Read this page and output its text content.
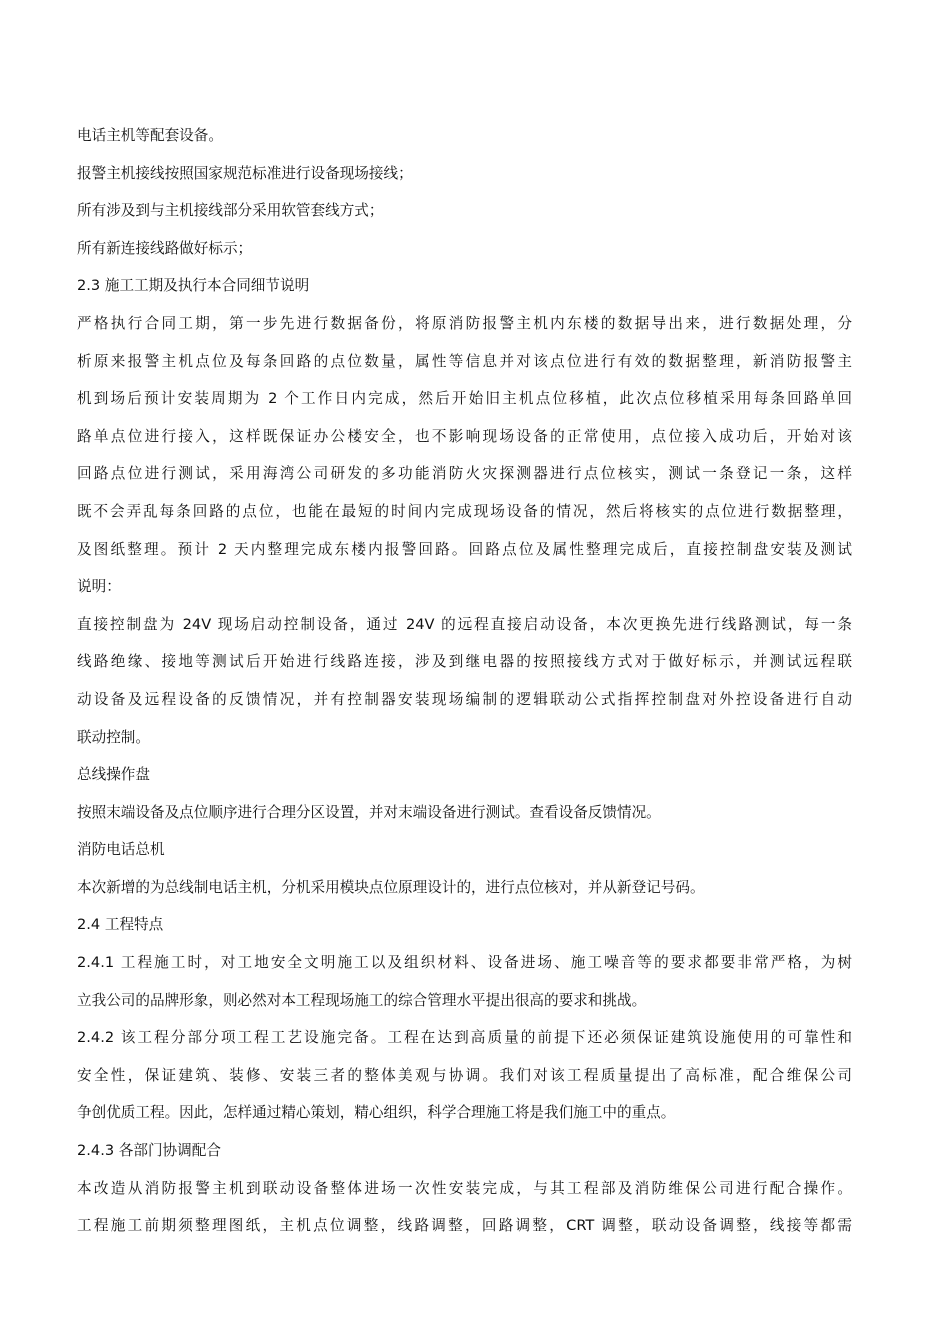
电话主机等配套设备。
报警主机接线按照国家规范标准进行设备现场接线；
所有涉及到与主机接线部分采用软管套线方式；
所有新连接线路做好标示；
2.3 施工工期及执行本合同细节说明
严格执行合同工期，第一步先进行数据备份，将原消防报警主机内东楼的数据导出来，进行数据处理，分
析原来报警主机点位及每条回路的点位数量，属性等信息并对该点位进行有效的数据整理，新消防报警主
机到场后预计安装周期为 2 个工作日内完成，然后开始旧主机点位移植，此次点位移植采用每条回路单回
路单点位进行接入，这样既保证办公楼安全，也不影响现场设备的正常使用，点位接入成功后，开始对该
回路点位进行测试，采用海湾公司研发的多功能消防火灾探测器进行点位核实，测试一条登记一条，这样
既不会弄乱每条回路的点位，也能在最短的时间内完成现场设备的情况，然后将核实的点位进行数据整理，
及图纸整理。预计 2 天内整理完成东楼内报警回路。回路点位及属性整理完成后，直接控制盘安装及测试
说明：
直接控制盘为 24V 现场启动控制设备，通过 24V 的远程直接启动设备，本次更换先进行线路测试，每一条
线路绝缘、接地等测试后开始进行线路连接，涉及到继电器的按照接线方式对于做好标示，并测试远程联
动设备及远程设备的反馈情况，并有控制器安装现场编制的逻辑联动公式指挥控制盘对外控设备进行自动
联动控制。
总线操作盘
按照末端设备及点位顺序进行合理分区设置，并对末端设备进行测试。查看设备反馈情况。
消防电话总机
本次新增的为总线制电话主机，分机采用模块点位原理设计的，进行点位核对，并从新登记号码。
2.4 工程特点
2.4.1 工程施工时，对工地安全文明施工以及组织材料、设备进场、施工噪音等的要求都要非常严格，为树
立我公司的品牌形象，则必然对本工程现场施工的综合管理水平提出很高的要求和挑战。
2.4.2 该工程分部分项工程工艺设施完备。工程在达到高质量的前提下还必须保证建筑设施使用的可靠性和
安全性，保证建筑、装修、安装三者的整体美观与协调。我们对该工程质量提出了高标准，配合维保公司
争创优质工程。因此，怎样通过精心策划，精心组织，科学合理施工将是我们施工中的重点。
2.4.3 各部门协调配合
本改造从消防报警主机到联动设备整体进场一次性安装完成，与其工程部及消防维保公司进行配合操作。
工程施工前期须整理图纸，主机点位调整，线路调整，回路调整，CRT 调整，联动设备调整，线接等都需
